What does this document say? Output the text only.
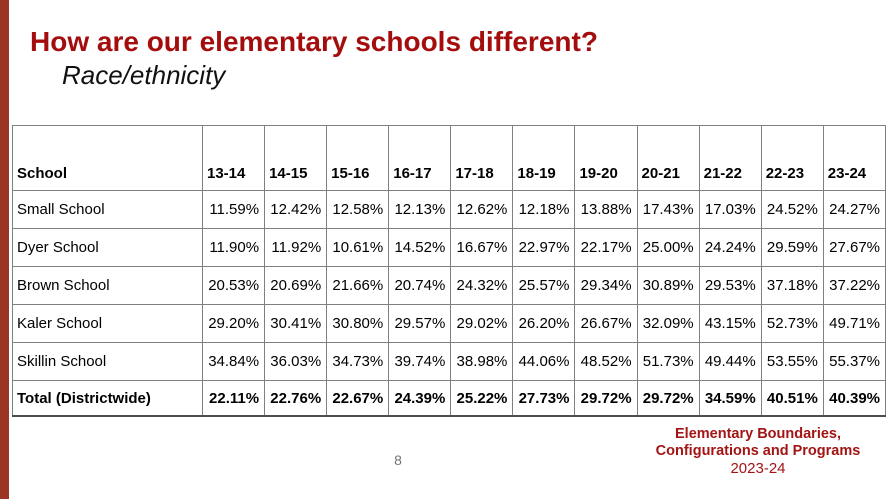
How are our elementary schools different?
Race/ethnicity
School	13-14	14-15	15-16	16-17	17-18	18-19	19-20	20-21	21-22	22-23	23-24
Small School	11.59%	12.42%	12.58%	12.13%	12.62%	12.18%	13.88%	17.43%	17.03%	24.52%	24.27%
Dyer School	11.90%	11.92%	10.61%	14.52%	16.67%	22.97%	22.17%	25.00%	24.24%	29.59%	27.67%
Brown School	20.53%	20.69%	21.66%	20.74%	24.32%	25.57%	29.34%	30.89%	29.53%	37.18%	37.22%
Kaler School	29.20%	30.41%	30.80%	29.57%	29.02%	26.20%	26.67%	32.09%	43.15%	52.73%	49.71%
Skillin School	34.84%	36.03%	34.73%	39.74%	38.98%	44.06%	48.52%	51.73%	49.44%	53.55%	55.37%
Total (Districtwide)	22.11%	22.76%	22.67%	24.39%	25.22%	27.73%	29.72%	29.72%	34.59%	40.51%	40.39%
8
Elementary Boundaries,
Configurations and Programs
2023-24
